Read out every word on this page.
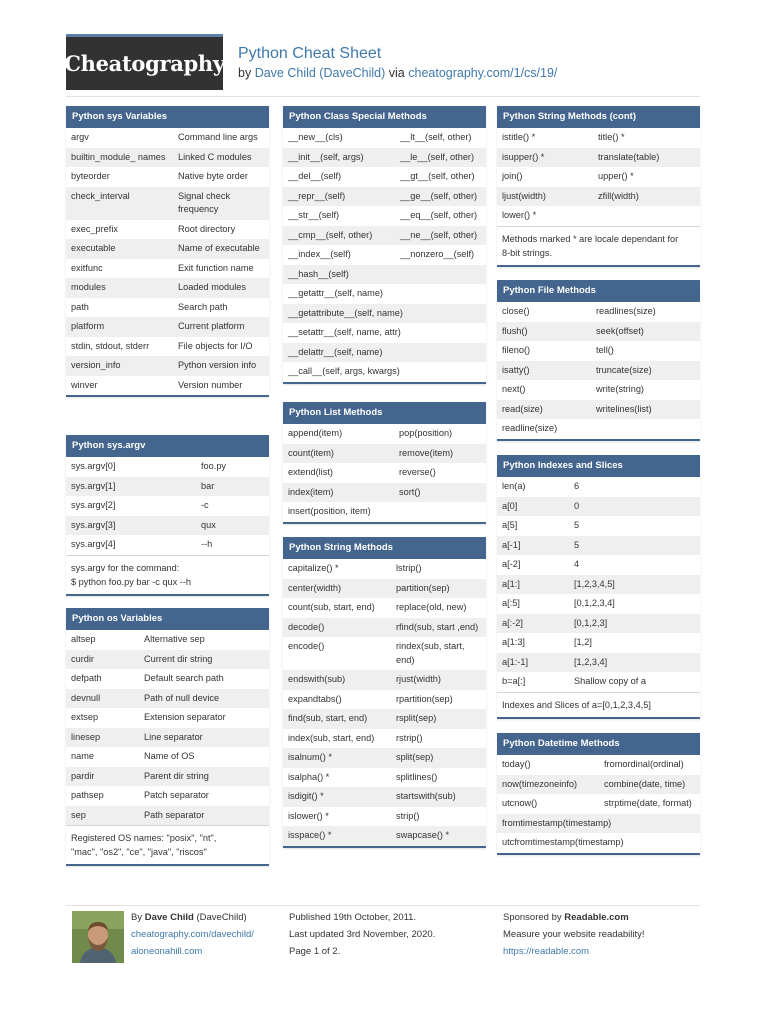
Cheatography Python Cheat Sheet
by Dave Child (DaveChild) via cheatography.com/1/cs/19/
Python sys Variables
argv	Command line args
builtin_module_ names	Linked C modules
byteorder	Native byte order
check_interval	Signal check frequency
exec_prefix	Root directory
executable	Name of executable
exitfunc	Exit function name
modules	Loaded modules
path	Search path
platform	Current platform
stdin, stdout, stderr	File objects for I/O
version_info	Python version info
winver	Version number
Python sys.argv
sys.argv[0]	foo.py
sys.argv[1]	bar
sys.argv[2]	-c
sys.argv[3]	qux
sys.argv[4]	--h
sys.argv for the command:
$ python foo.py bar -c qux --h
Python os Variables
altsep	Alternative sep
curdir	Current dir string
defpath	Default search path
devnull	Path of null device
extsep	Extension separator
linesep	Line separator
name	Name of OS
pardir	Parent dir string
pathsep	Patch separator
sep	Path separator
Registered OS names: "posix", "nt",
"mac", "os2", "ce", "java", "riscos"
Python Class Special Methods
__new__(cls)	__lt__(self, other)
__init__(self, args)	__le__(self, other)
__del__(self)	__gt__(self, other)
__repr__(self)	__ge__(self, other)
__str__(self)	__eq__(self, other)
__cmp__(self, other)	__ne__(self, other)
__index__(self)	__nonzero__(self)
__hash__(self)	
__getattr__(self, name)	
__getattribute__(self, name)	
__setattr__(self, name, attr)	
__delattr__(self, name)	
__call__(self, args, kwargs)	
Python List Methods
append(item)	pop(position)
count(item)	remove(item)
extend(list)	reverse()
index(item)	sort()
insert(position, item)	
Python String Methods
capitalize() *	lstrip()
center(width)	partition(sep)
count(sub, start, end)	replace(old, new)
decode()	rfind(sub, start ,end)
encode()	rindex(sub, start, end)
endswith(sub)	rjust(width)
expandtabs()	rpartition(sep)
find(sub, start, end)	rsplit(sep)
index(sub, start, end)	rstrip()
isalnum() *	split(sep)
isalpha() *	splitlines()
isdigit() *	startswith(sub)
islower() *	strip()
isspace() *	swapcase() *
Python String Methods (cont)
istitle() *	title() *
isupper() *	translate(table)
join()	upper() *
ljust(width)	zfill(width)
lower() *	
Methods marked * are locale dependant for
8-bit strings.
Python File Methods
close()	readlines(size)
flush()	seek(offset)
fileno()	tell()
isatty()	truncate(size)
next()	write(string)
read(size)	writelines(list)
readline(size)	
Python Indexes and Slices
len(a)	6
a[0]	0
a[5]	5
a[-1]	5
a[-2]	4
a[1:]	[1,2,3,4,5]
a[:5]	[0,1,2,3,4]
a[:-2]	[0,1,2,3]
a[1:3]	[1,2]
a[1:-1]	[1,2,3,4]
b=a[:]	Shallow copy of a
Indexes and Slices of a=[0,1,2,3,4,5]
Python Datetime Methods
today()	fromordinal(ordinal)
now(timezoneinfo)	combine(date, time)
utcnow()	strptime(date, format)
fromtimestamp(timestamp)	
utcfromtimestamp(timestamp)	
By Dave Child (DaveChild)
cheatography.com/davechild/
aloneonahill.com
Published 19th October, 2011.
Last updated 3rd November, 2020.
Page 1 of 2.
Sponsored by Readable.com
Measure your website readability!
https://readable.com
